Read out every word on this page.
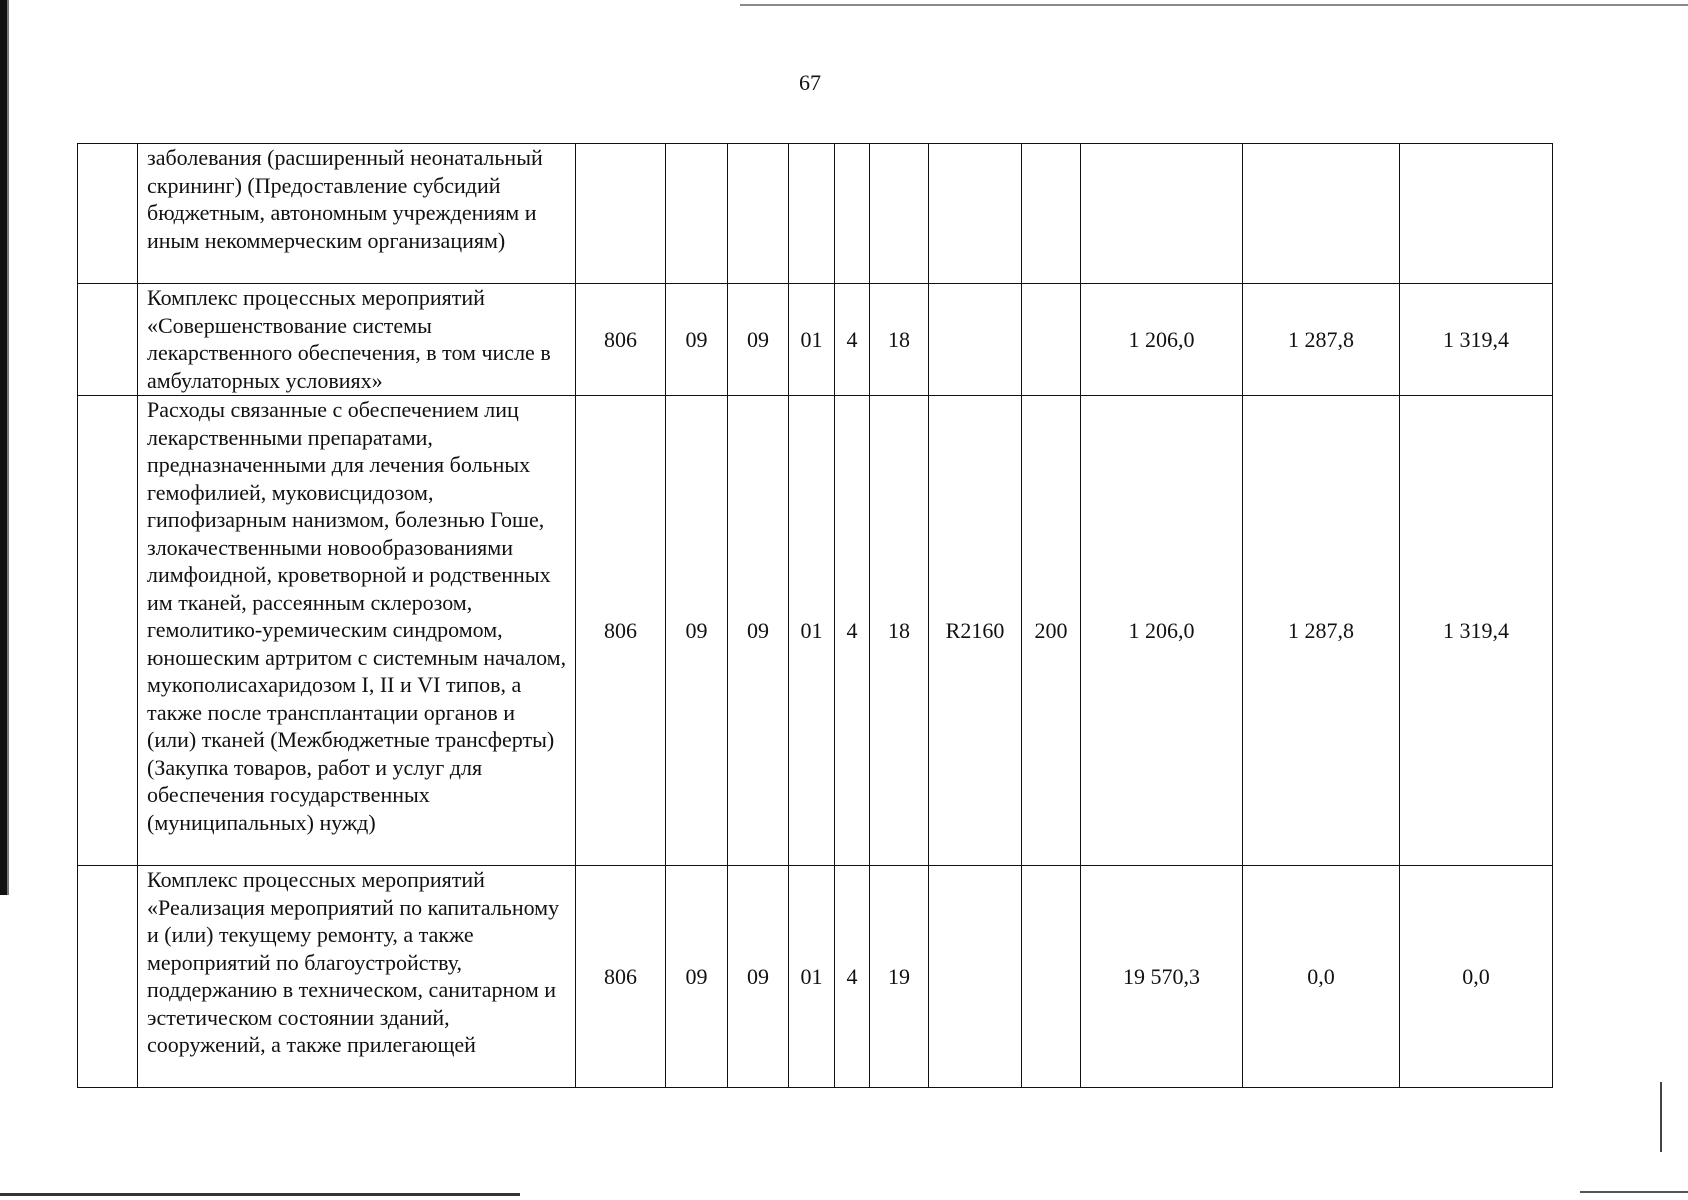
67
	заболевания (расширенный неонатальный скрининг) (Предоставление субсидий бюджетным, автономным учреждениям и иным некоммерческим организациям)											
	Комплекс процессных мероприятий «Совершенствование системы лекарственного обеспечения, в том числе в амбулаторных условиях»	806	09	09	01	4	18			1 206,0	1 287,8	1 319,4
	Расходы связанные с обеспечением лиц лекарственными препаратами, предназначенными для лечения больных гемофилией, муковисцидозом, гипофизарным нанизмом, болезнью Гоше, злокачественными новообразованиями лимфоидной, кроветворной и родственных им тканей, рассеянным склерозом, гемолитико-уремическим синдромом, юношеским артритом с системным началом, мукополисахаридозом I, II и VI типов, а также после трансплантации органов и (или) тканей (Межбюджетные трансферты) (Закупка товаров, работ и услуг для обеспечения государственных (муниципальных) нужд)	806	09	09	01	4	18	R2160	200	1 206,0	1 287,8	1 319,4
	Комплекс процессных мероприятий «Реализация мероприятий по капитальному и (или) текущему ремонту, а также мероприятий по благоустройству, поддержанию в техническом, санитарном и эстетическом состоянии зданий, сооружений, а также прилегающей	806	09	09	01	4	19			19 570,3	0,0	0,0
